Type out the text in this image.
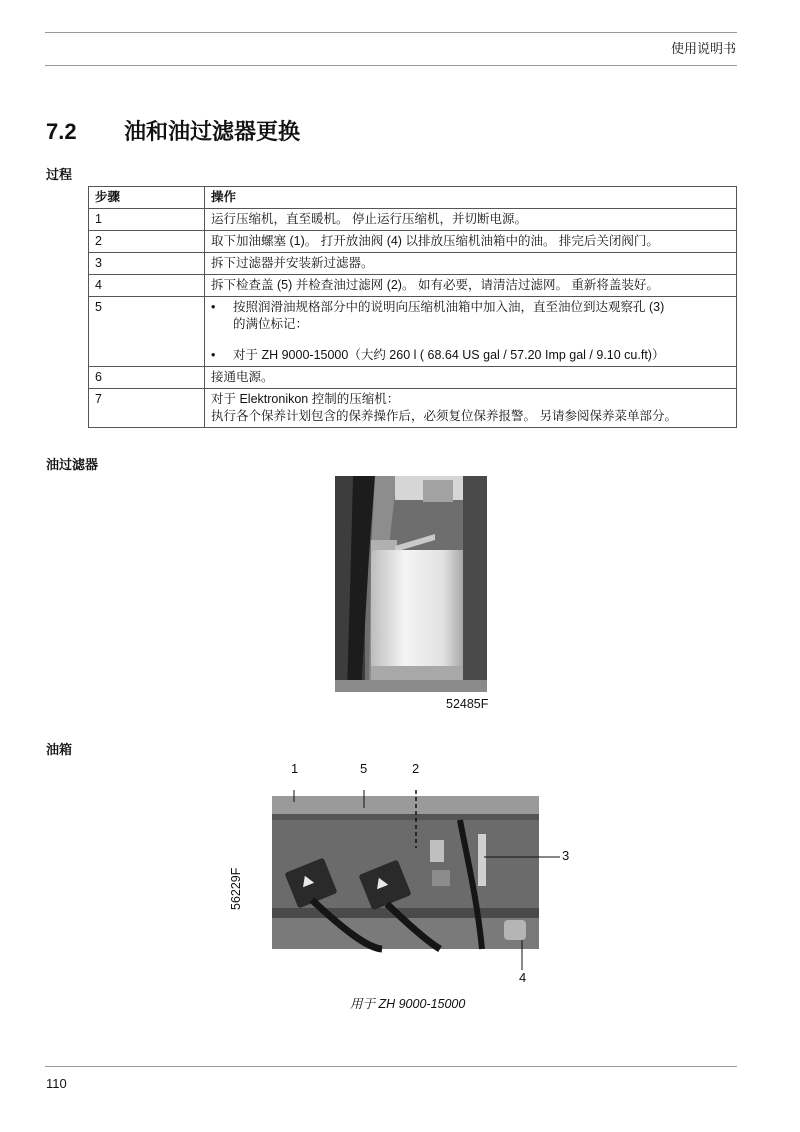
使用说明书
7.2 油和油过滤器更换
过程
步骤	操作
1	运行压缩机，直至暖机。 停止运行压缩机，并切断电源。
2	取下加油螺塞 (1)。 打开放油阀 (4) 以排放压缩机油箱中的油。 排完后关闭阀门。
3	拆下过滤器并安装新过滤器。
4	拆下检查盖 (5) 并检查油过滤网 (2)。 如有必要，请清洁过滤网。 重新将盖装好。
5	• 按照润滑油规格部分中的说明向压缩机油箱中加入油，直至油位到达观察孔 (3)
的满位标记：
• 对于 ZH 9000-15000（大约 260 l ( 68.64 US gal / 57.20 Imp gal / 9.10 cu.ft)）

6	接通电源。
7	对于 Elektronikon 控制的压缩机：
执行各个保养计划包含的保养操作后，必须复位保养报警。 另请参阅保养菜单部分。
油过滤器
52485F
油箱
1	5	2
3
4
56229F
用于 ZH 9000-15000
110
